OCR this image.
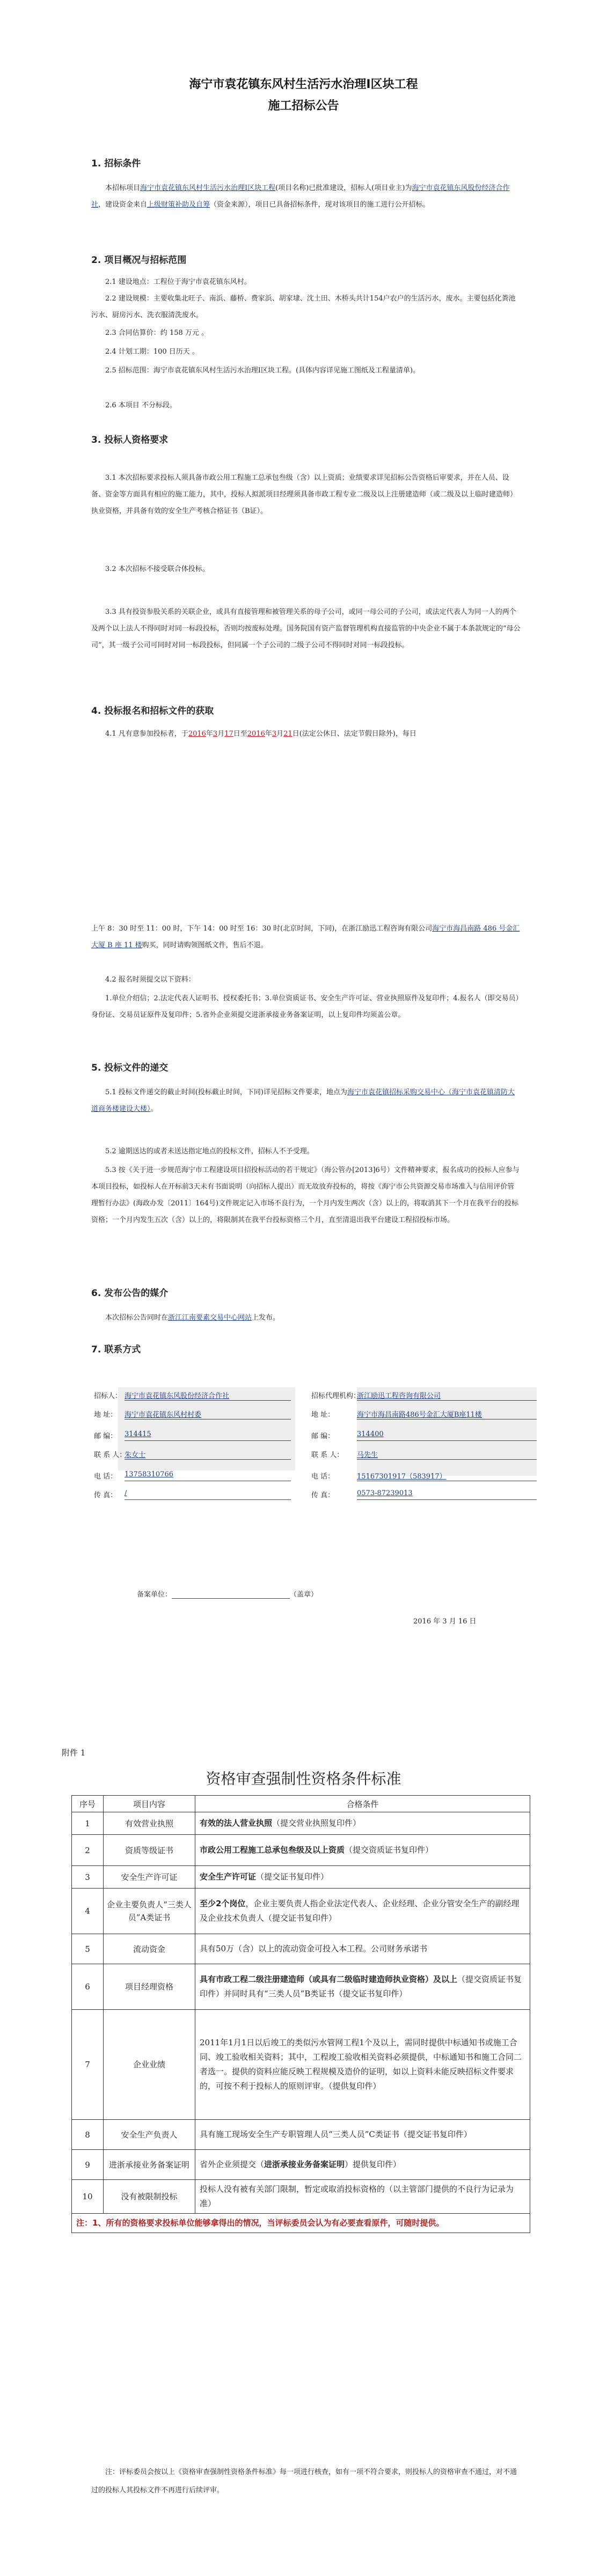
海宁市袁花镇东风村生活污水治理Ⅰ区块工程
施工招标公告
1. 招标条件
本招标项目海宁市袁花镇东风村生活污水治理Ⅰ区块工程(项目名称)已批准建设，招标人(项目业主)为海宁市袁花镇东风股份经济合作社，建设资金来自上级财策补助及自筹（资金来源），项目已具备招标条件，现对该项目的施工进行公开招标。
2. 项目概况与招标范围
2.1 建设地点：工程位于海宁市袁花镇东风村。
2.2 建设规模：主要收集北旺子、南浜、藤桥、费家浜、胡家埭、沈土田、木桥头共计154户农户的生活污水，废水。主要包括化粪池污水、厨房污水、洗衣服清洗废水。
2.3 合同估算价：约 158 万元 。
2.4 计划工期：100 日历天 。
2.5 招标范围：海宁市袁花镇东风村生活污水治理Ⅰ区块工程。(具体内容详见施工图纸及工程量清单)。
2.6 本项目 不分标段。
3. 投标人资格要求
3.1 本次招标要求投标人须具备市政公用工程施工总承包叁级（含）以上资质；业绩要求详见招标公告资格后审要求，并在人员、设备、资金等方面具有相应的施工能力，其中，投标人拟派项目经理须具备市政工程专业二级及以上注册建造师（或二级及以上临时建造师）执业资格，并具备有效的安全生产考核合格证书（B证）。
3.2 本次招标不接受联合体投标。
3.3 具有投资参股关系的关联企业，或具有直接管理和被管理关系的母子公司，或同一母公司的子公司，或法定代表人为同一人的两个及两个以上法人不得同时对同一标段投标，否则均按废标处理。国务院国有资产监督管理机构直接监管的中央企业不属于本条款规定的“母公司”，其一级子公司可同时对同一标段投标，但同属一个子公司的二级子公司不得同时对同一标段投标。
4. 投标报名和招标文件的获取
4.1 凡有意参加投标者，于2016年3月17日至2016年3月21日(法定公休日、法定节假日除外)，每日
上午 8：30 时至 11：00 时，下午 14：00 时至 16：30 时(北京时间，下同)，在浙江励迅工程咨询有限公司海宁市海昌南路 486 号金汇大厦 B 座 11 楼购买，同时请购领图纸文件，售后不退。
4.2 报名时须提交以下资料：
1.单位介绍信；2.法定代表人证明书、授权委托书；3.单位资质证书、安全生产许可证、营业执照原件及复印件；4.报名人（即交易员）身份证、交易员证原件及复印件；5.省外企业须提交进浙承接业务备案证明，以上复印件均须盖公章。
5. 投标文件的递交
5.1 投标文件递交的截止时间(投标截止时间，下同)详见招标文件要求，地点为海宁市袁花镇招标采购交易中心（海宁市袁花镇清防大道商务楼建设大楼）。
5.2 逾期送达的或者未送达指定地点的投标文件，招标人不予受理。
5.3 按《关于进一步规范海宁市工程建设项目招投标活动的若干规定》（海公管办[2013]6号）文件精神要求，报名成功的投标人应参与本项目投标，如投标人在开标前3天未有书面说明（向招标人提出）而无故放弃投标的，将按《海宁市公共资源交易市场准入与信用评价管理暂行办法》(海政办发〔2011〕164号)文件规定记入市场不良行为，一个月内发生两次（含）以上的，将取消其下一个月在我平台的投标资格；一个月内发生五次（含）以上的，将限制其在我平台投标资格三个月，直至清退出我平台建设工程招投标市场。
6. 发布公告的媒介
本次招标公告同时在浙江江南要素交易中心网站上发布。
7. 联系方式
招标人： 海宁市袁花镇东风股份经济合作社
地 址： 海宁市袁花镇东风村村委
邮 编： 314415
联 系 人：
朱女士
电 话： 13758310766
传 真： /
招标代理机构：
浙江励迅工程咨询有限公司
地 址：	海宁市海昌南路486号金汇大厦B座11楼
邮 编：	314400
联 系 人： 马先生
电 话：	15167301917（583917）
传 真：	0573-87239013
备案单位：	（盖章）
2016 年 3 月 16 日
附件 1
资格审查强制性资格条件标准
序号	项目内容	合格条件
1	有效营业执照	有效的法人营业执照（提交营业执照复印件）
2	资质等级证书	市政公用工程施工总承包叁级及以上资质（提交资质证书复印件）
3	安全生产许可证	安全生产许可证（提交证书复印件）
4	企业主要负责人“三类人员”A类证书	至少2个岗位，企业主要负责人指企业法定代表人、企业经理、企业分管安全生产的副经理及企业技术负责人（提交证书复印件）
5	流动资金	具有50万（含）以上的流动资金可投入本工程。公司财务承诺书
6	项目经理资格	具有市政工程二级注册建造师（或具有二级临时建造师执业资格）及以上（提交资质证书复印件）并同时具有“三类人员”B类证书（提交证书复印件）
7	企业业绩	2011年1月1日以后竣工的类似污水管网工程1个及以上，需同时提供中标通知书或施工合同、竣工验收相关资料；其中，工程竣工验收相关资料必须提供，中标通知书和施工合同二者选一。提供的资料应能反映工程规模及造价的证明，如以上资料未能反映招标文件要求的，可按不利于投标人的原则评审。（提供复印件）
8	安全生产负责人	具有施工现场安全生产专职管理人员“三类人员”C类证书（提交证书复印件）
9	进浙承接业务备案证明	省外企业须提交（进浙承接业务备案证明）提供复印件）
10	没有被限制投标	投标人没有被有关部门限制，暂定或取消投标资格的（以主管部门提供的不良行为记录为准）
注：1、所有的资格要求投标单位能够拿得出的情况，当评标委员会认为有必要查看原件，可随时提供。		
注：评标委员会按以上《资格审查强制性资格条件标准》每一项进行核查，如有一项不符合要求，则投标人的资格审查不通过，对不通过的投标人其投标文件不再进行后续评审。
